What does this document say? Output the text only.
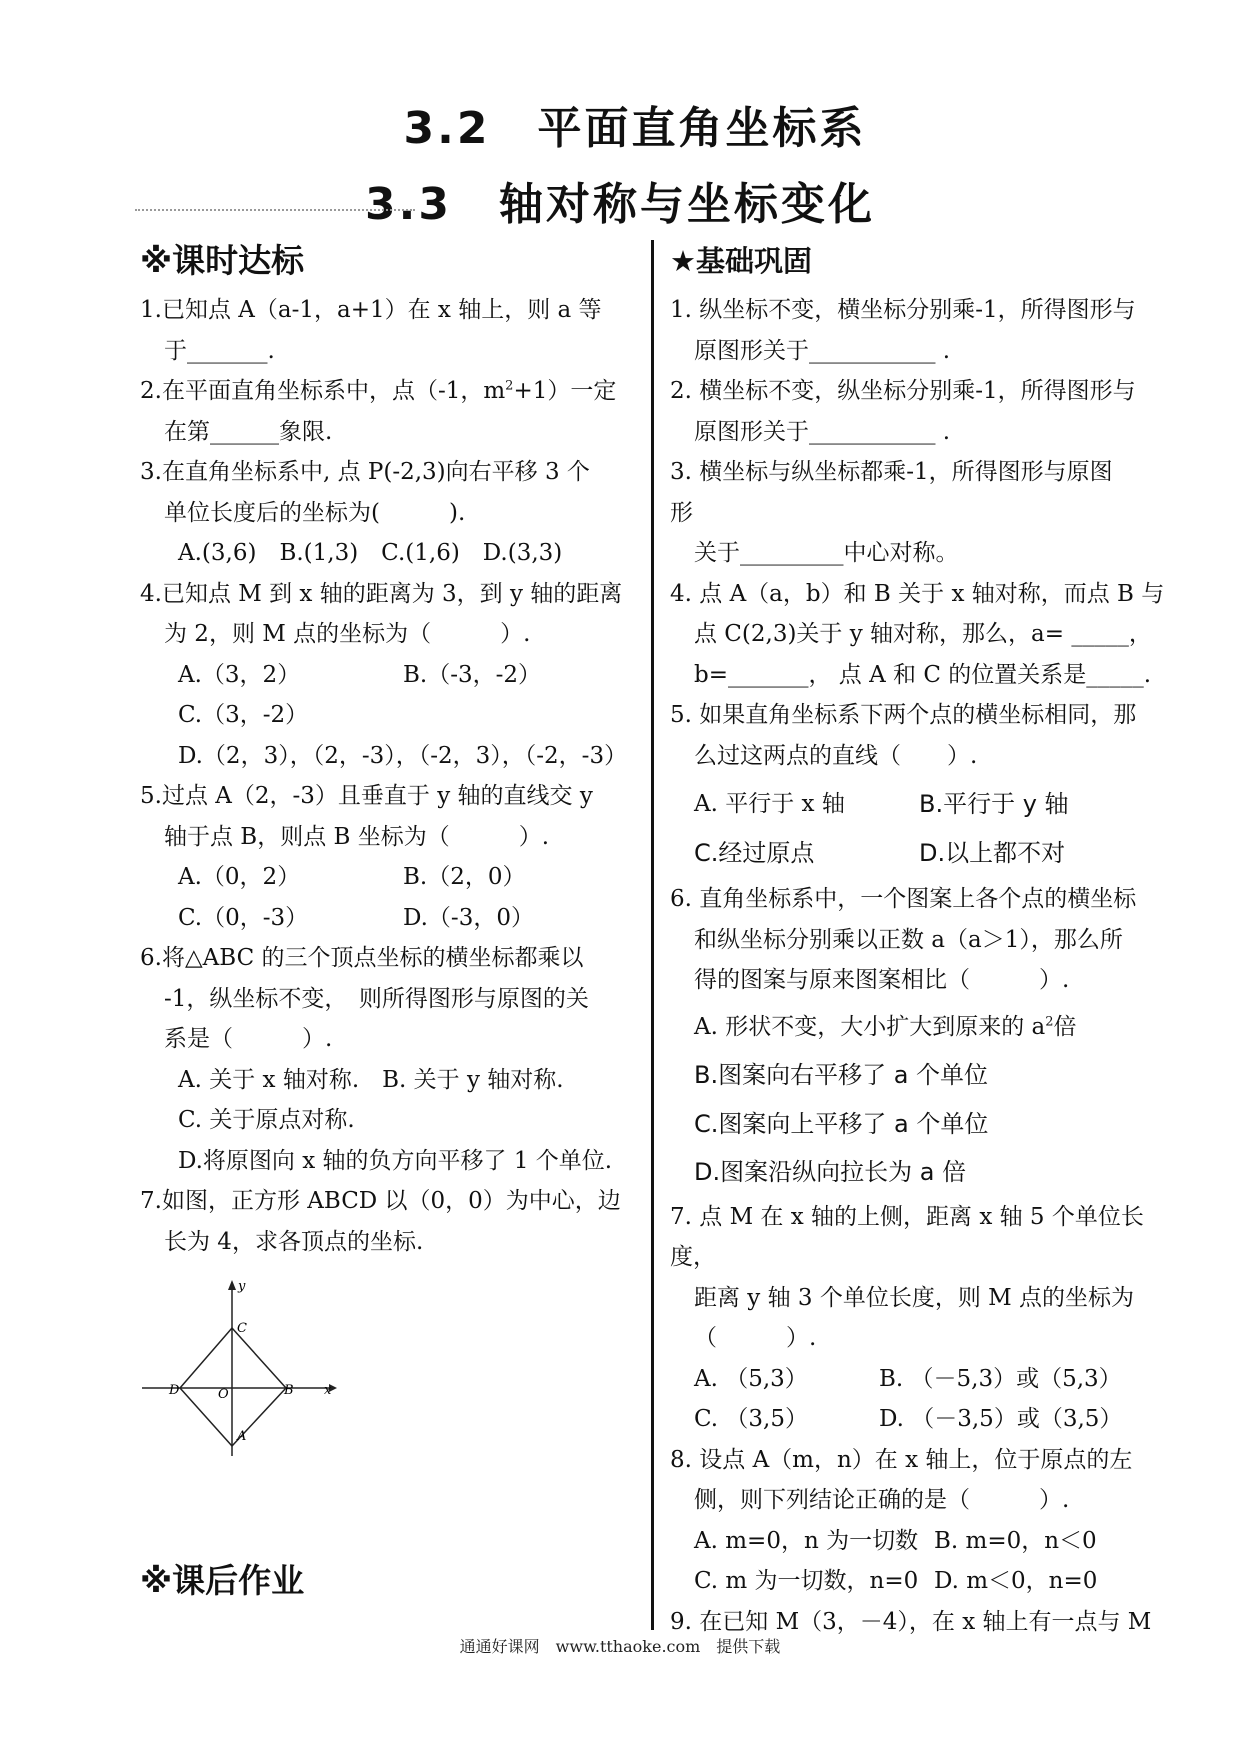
3.2　平面直角坐标系
3.3　轴对称与坐标变化
※课时达标
1.已知点 A（a-1，a+1）在 x 轴上，则 a 等
于_______.
2.在平面直角坐标系中，点（-1，$m^2+1$）一定
在第______象限.
3.在直角坐标系中, 点 P(-2,3)向右平移 3 个
单位长度后的坐标为(　　　).
A.(3,6)　B.(1,3)　C.(1,6)　D.(3,3)
4.已知点 M 到 x 轴的距离为 3，到 y 轴的距离
为 2，则 M 点的坐标为（　　　）.
A.（3，2）	B.（-3，-2）
C.（3，-2）
D.（2，3），（2，-3），（-2，3），（-2，-3）
5.过点 A（2，-3）且垂直于 y 轴的直线交 y
轴于点 B，则点 B 坐标为（　　　）.
A.（0，2）	B.（2，0）
C.（0，-3）	D.（-3，0）
6.将△ABC 的三个顶点坐标的横坐标都乘以
-1，纵坐标不变，　则所得图形与原图的关
系是（　　　）.
A. 关于 x 轴对称.　 B. 关于 y 轴对称.
C. 关于原点对称.
D.将原图向 x 轴的负方向平移了 1 个单位.
7.如图，正方形 ABCD 以（0，0）为中心，边
长为 4，求各顶点的坐标.
y
x
C
D	O	B
A
※课后作业
★基础巩固
1. 纵坐标不变，横坐标分别乘-1，所得图形与
原图形关于___________ .
2. 横坐标不变，纵坐标分别乘-1，所得图形与
原图形关于___________ .
3. 横坐标与纵坐标都乘-1，所得图形与原图
形
关于_________中心对称。
4. 点 A（a，b）和 B 关于 x 轴对称，而点 B 与
点 C(2,3)关于 y 轴对称，那么，a= _____，
b=_______， 点 A 和 C 的位置关系是_____.
5. 如果直角坐标系下两个点的横坐标相同，那
么过这两点的直线（　　）.
A. 平行于 x 轴	B.平行于 y 轴
C.经过原点	D.以上都不对
6. 直角坐标系中，一个图案上各个点的横坐标
和纵坐标分别乘以正数 a（a＞1），那么所
得的图案与原来图案相比（　　　）.
A. 形状不变，大小扩大到原来的 $a^2$倍
B.图案向右平移了 a 个单位
C.图案向上平移了 a 个单位
D.图案沿纵向拉长为 a 倍
7. 点 M 在 x 轴的上侧，距离 x 轴 5 个单位长度，
距离 y 轴 3 个单位长度，则 M 点的坐标为
（　　　）.
A. （5,3）	B. （－5,3）或（5,3）
C. （3,5）	D. （－3,5）或（3,5）
8. 设点 A（m，n）在 x 轴上，位于原点的左
侧，则下列结论正确的是（　　　）.
A. m=0，n 为一切数 B. m=0，n＜0
C. m 为一切数，n=0 D. m＜0，n=0
9. 在已知 M（3，－4），在 x 轴上有一点与 M
通通好课网　www.tthaoke.com　提供下载
